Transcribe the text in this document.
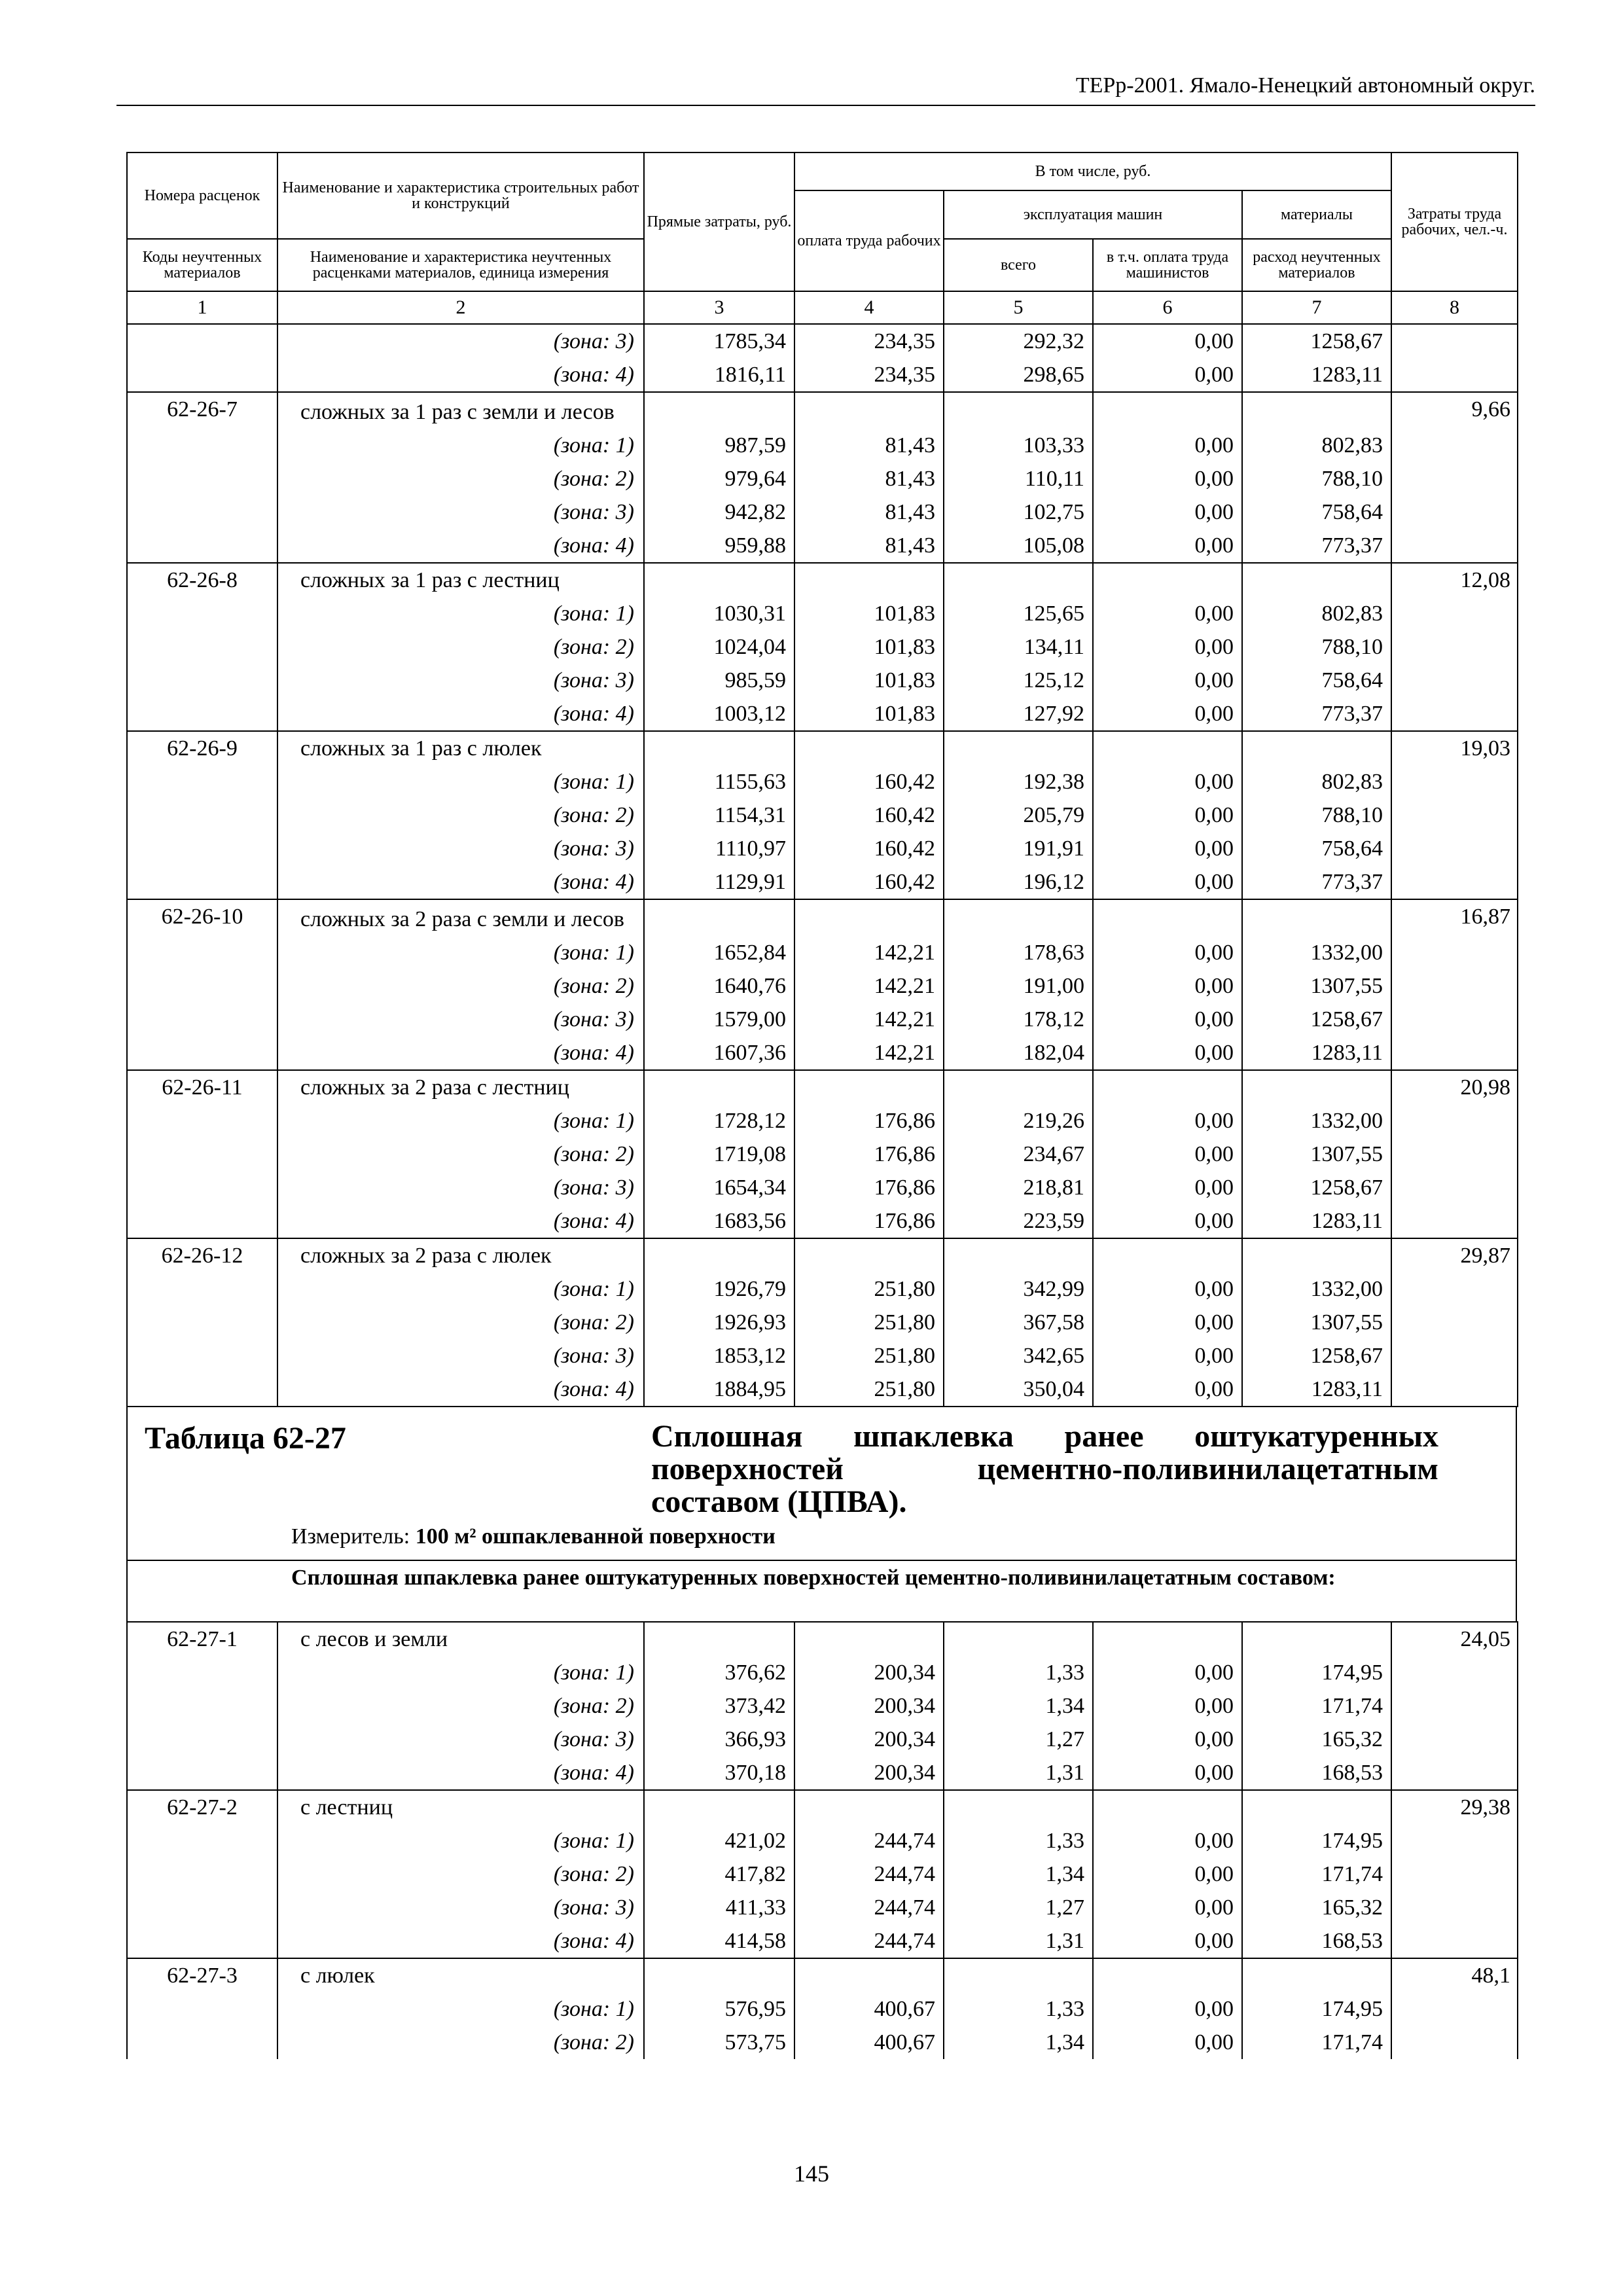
ТЕРр-2001. Ямало-Ненецкий автономный округ.
Номера расценок	Наименование и характеристика строительных работ и конструкций	Прямые затраты, руб.	В том числе, руб.				Затраты труда рабочих, чел.-ч.
			оплата труда рабочих	эксплуатация машин		материалы	
Коды неучтенных материалов	Наименование и характеристика неучтенных расценками материалов, единица измерения			всего	в т.ч. оплата труда машинистов	расход неучтенных материалов	
1	2	3	4	5	6	7	8
	(зона: 3)	1785,34	234,35	292,32	0,00	1258,67	
	(зона: 4)	1816,11	234,35	298,65	0,00	1283,11	
62-26-7	сложных за 1 раз с земли и лесов						9,66
	(зона: 1)	987,59	81,43	103,33	0,00	802,83	
	(зона: 2)	979,64	81,43	110,11	0,00	788,10	
	(зона: 3)	942,82	81,43	102,75	0,00	758,64	
	(зона: 4)	959,88	81,43	105,08	0,00	773,37	
62-26-8	сложных за 1 раз с лестниц						12,08
	(зона: 1)	1030,31	101,83	125,65	0,00	802,83	
	(зона: 2)	1024,04	101,83	134,11	0,00	788,10	
	(зона: 3)	985,59	101,83	125,12	0,00	758,64	
	(зона: 4)	1003,12	101,83	127,92	0,00	773,37	
62-26-9	сложных за 1 раз с люлек						19,03
	(зона: 1)	1155,63	160,42	192,38	0,00	802,83	
	(зона: 2)	1154,31	160,42	205,79	0,00	788,10	
	(зона: 3)	1110,97	160,42	191,91	0,00	758,64	
	(зона: 4)	1129,91	160,42	196,12	0,00	773,37	
62-26-10	сложных за 2 раза с земли и лесов						16,87
	(зона: 1)	1652,84	142,21	178,63	0,00	1332,00	
	(зона: 2)	1640,76	142,21	191,00	0,00	1307,55	
	(зона: 3)	1579,00	142,21	178,12	0,00	1258,67	
	(зона: 4)	1607,36	142,21	182,04	0,00	1283,11	
62-26-11	сложных за 2 раза с лестниц						20,98
	(зона: 1)	1728,12	176,86	219,26	0,00	1332,00	
	(зона: 2)	1719,08	176,86	234,67	0,00	1307,55	
	(зона: 3)	1654,34	176,86	218,81	0,00	1258,67	
	(зона: 4)	1683,56	176,86	223,59	0,00	1283,11	
62-26-12	сложных за 2 раза с люлек						29,87
	(зона: 1)	1926,79	251,80	342,99	0,00	1332,00	
	(зона: 2)	1926,93	251,80	367,58	0,00	1307,55	
	(зона: 3)	1853,12	251,80	342,65	0,00	1258,67	
	(зона: 4)	1884,95	251,80	350,04	0,00	1283,11	
Таблица 62-27	Сплошная шпаклевка ранее оштукатуренных поверхностей цементно-поливинилацетатным составом (ЦПВА).
Измеритель: 100 м² ошпаклеванной поверхности
Сплошная шпаклевка ранее оштукатуренных поверхностей цементно-поливинилацетатным составом:
62-27-1	с лесов и земли						24,05
	(зона: 1)	376,62	200,34	1,33	0,00	174,95	
	(зона: 2)	373,42	200,34	1,34	0,00	171,74	
	(зона: 3)	366,93	200,34	1,27	0,00	165,32	
	(зона: 4)	370,18	200,34	1,31	0,00	168,53	
62-27-2	с лестниц						29,38
	(зона: 1)	421,02	244,74	1,33	0,00	174,95	
	(зона: 2)	417,82	244,74	1,34	0,00	171,74	
	(зона: 3)	411,33	244,74	1,27	0,00	165,32	
	(зона: 4)	414,58	244,74	1,31	0,00	168,53	
62-27-3	с люлек						48,1
	(зона: 1)	576,95	400,67	1,33	0,00	174,95	
	(зона: 2)	573,75	400,67	1,34	0,00	171,74	
145
